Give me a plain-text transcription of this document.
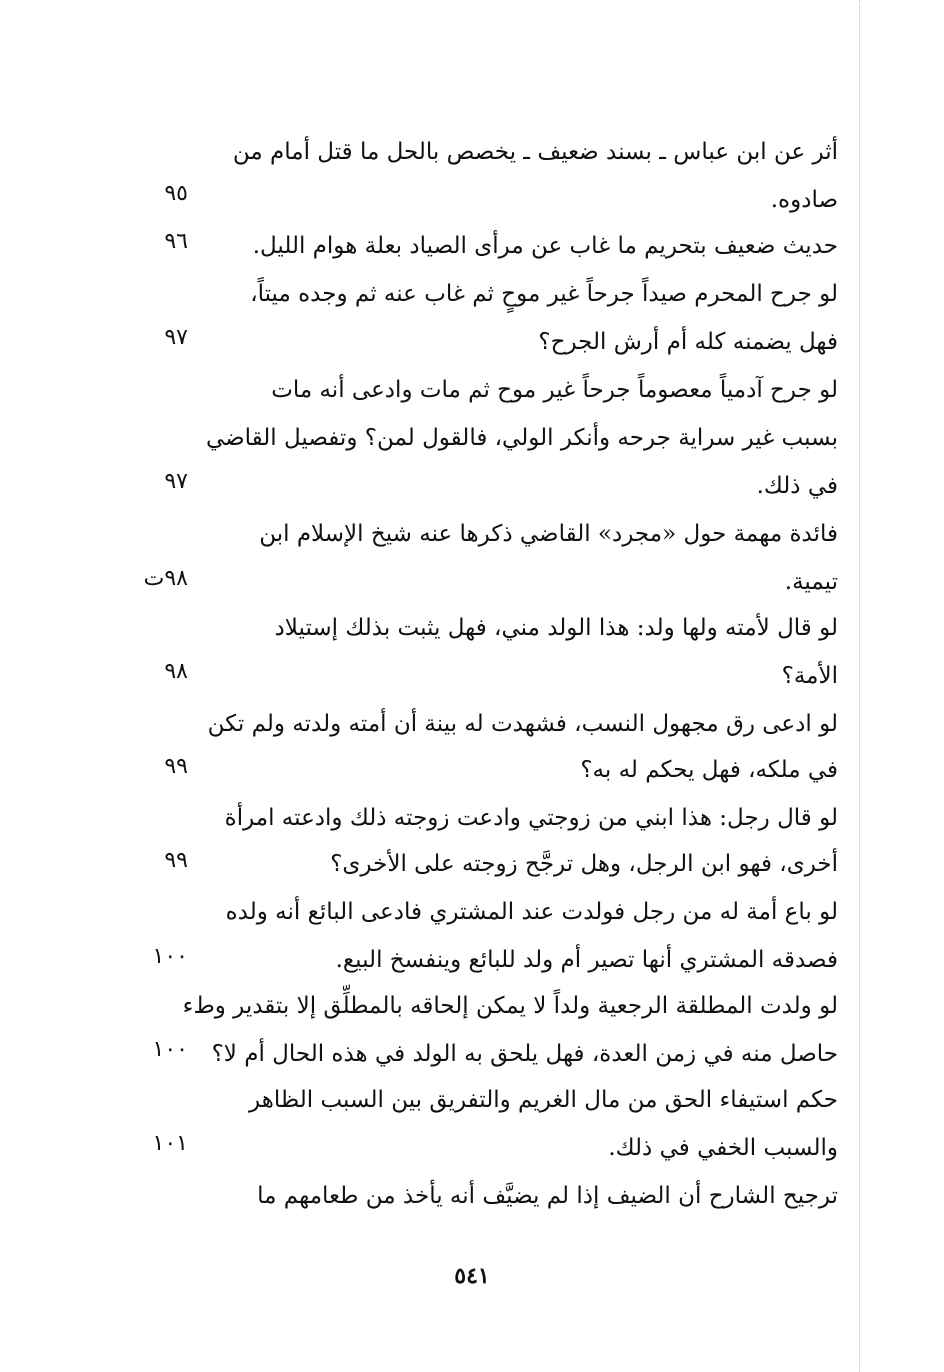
أثر عن ابن عباس ـ بسند ضعيف ـ يخصص بالحل ما قتل أمام من
صادوه.
٩٥
حديث ضعيف بتحريم ما غاب عن مرأى الصياد بعلة هوام الليل.
٩٦
لو جرح المحرم صيداً جرحاً غير موحٍ ثم غاب عنه ثم وجده ميتاً،
فهل يضمنه كله أم أرش الجرح؟
٩٧
لو جرح آدمياً معصوماً جرحاً غير موح ثم مات وادعى أنه مات
بسبب غير سراية جرحه وأنكر الولي، فالقول لمن؟ وتفصيل القاضي
في ذلك.
٩٧
فائدة مهمة حول «مجرد» القاضي ذكرها عنه شيخ الإسلام ابن
تيمية.
٩٨ت
لو قال لأمته ولها ولد: هذا الولد مني، فهل يثبت بذلك إستيلاد
الأمة؟
٩٨
لو ادعى رق مجهول النسب، فشهدت له بينة أن أمته ولدته ولم تكن
في ملكه، فهل يحكم له به؟
٩٩
لو قال رجل: هذا ابني من زوجتي وادعت زوجته ذلك وادعته امرأة
أخرى، فهو ابن الرجل، وهل ترجَّح زوجته على الأخرى؟
٩٩
لو باع أمة له من رجل فولدت عند المشتري فادعى البائع أنه ولده
فصدقه المشتري أنها تصير أم ولد للبائع وينفسخ البيع.
١٠٠
لو ولدت المطلقة الرجعية ولداً لا يمكن إلحاقه بالمطلِّق إلا بتقدير وطء
حاصل منه في زمن العدة، فهل يلحق به الولد في هذه الحال أم لا؟
١٠٠
حكم استيفاء الحق من مال الغريم والتفريق بين السبب الظاهر
والسبب الخفي في ذلك.
١٠١
ترجيح الشارح أن الضيف إذا لم يضيَّف أنه يأخذ من طعامهم ما
٥٤١
